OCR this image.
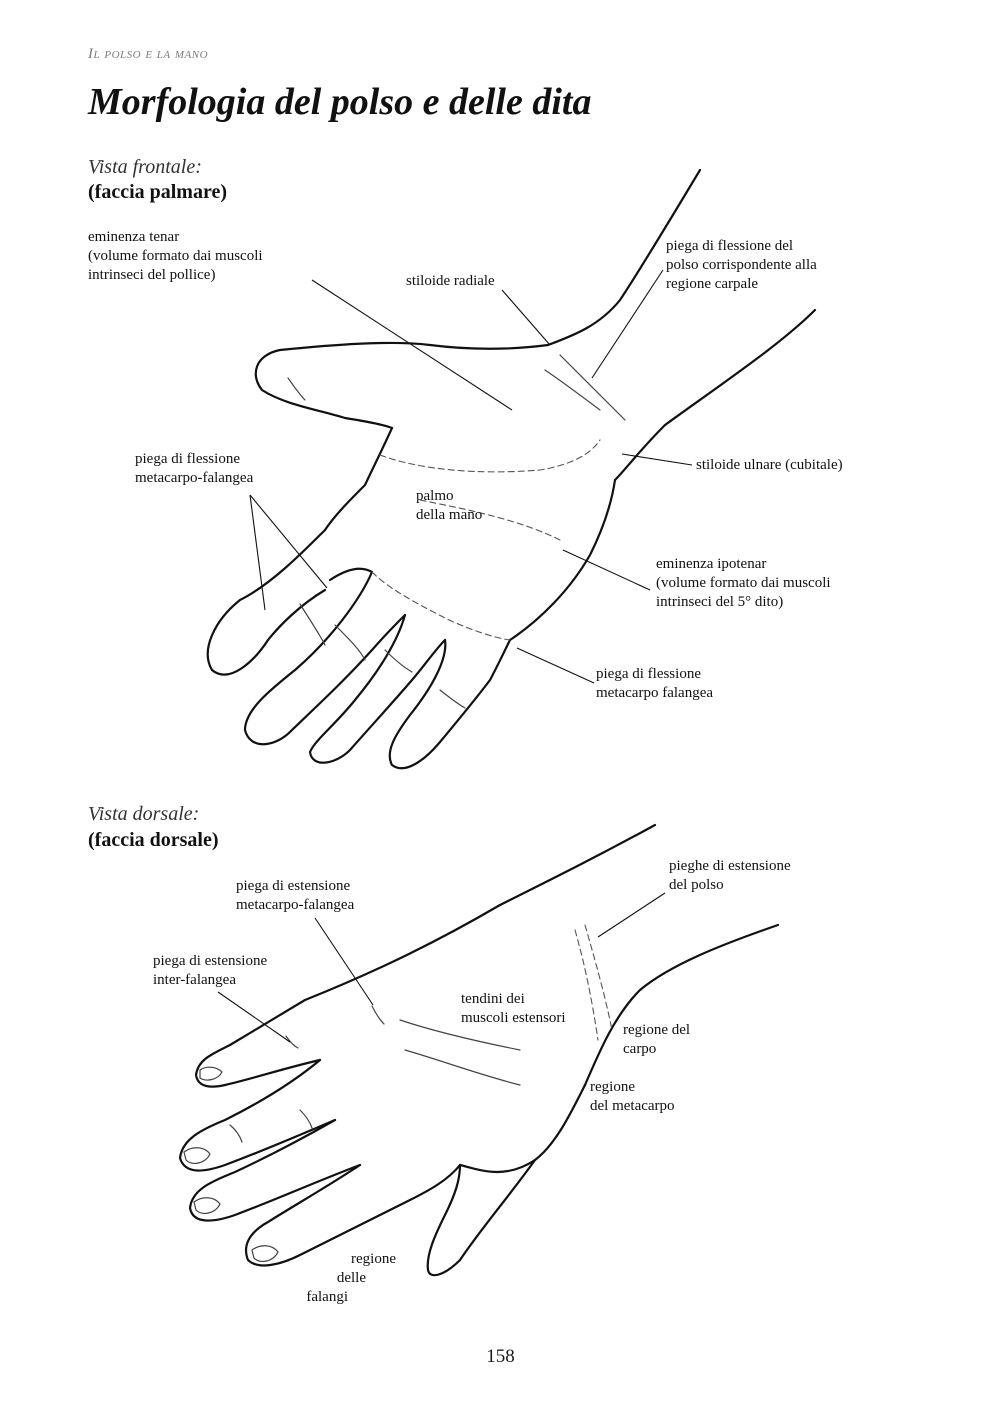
Il polso e la mano
Morfologia del polso e delle dita
Vista frontale:
(faccia palmare)
eminenza tenar
(volume formato dai muscoli
intrinseci del pollice)	stiloide radiale
piega di flessione del
polso corrispondente alla
regione carpale
stiloide ulnare (cubitale)
piega di flessione
metacarpo-falangea
palmo
della mano
eminenza ipotenar
(volume formato dai muscoli
intrinseci del 5° dito)
piega di flessione
metacarpo falangea
Vista dorsale:
(faccia dorsale)
pieghe di estensione
del polso
piega di estensione
metacarpo-falangea
piega di estensione
inter-falangea
tendini dei
muscoli estensori
regione del
carpo
regione
del metacarpo
regione
delle
falangi
158
